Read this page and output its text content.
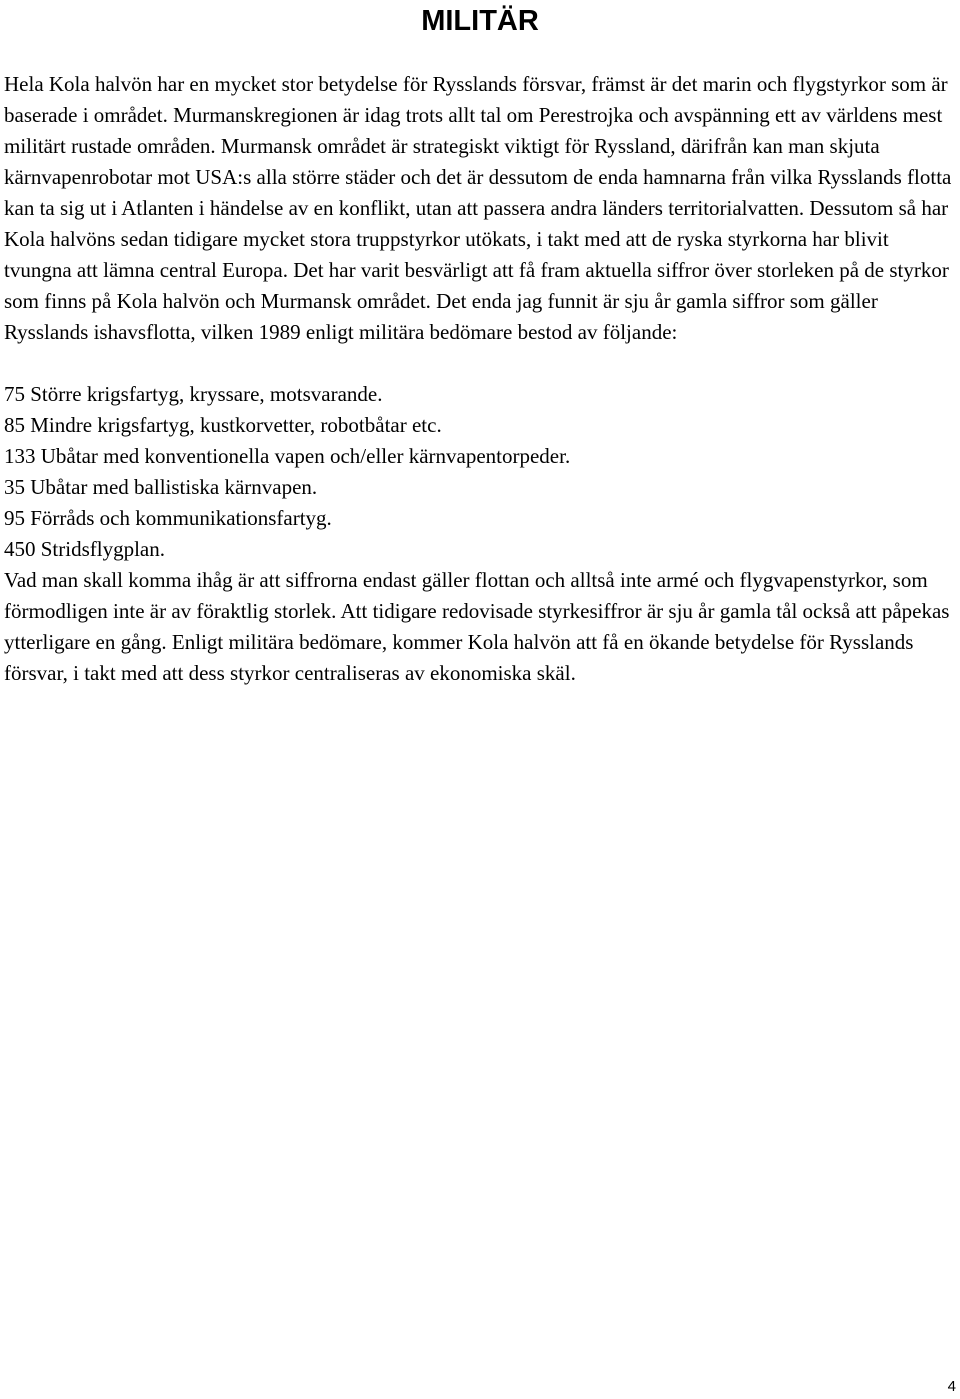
MILITÄR

Hela Kola halvön har en mycket stor betydelse för Rysslands försvar, främst är det marin och flygstyrkor som är baserade i området. Murmanskregionen är idag trots allt tal om Perestrojka och avspänning ett av världens mest militärt rustade områden. Murmansk området är strategiskt viktigt för Ryssland, därifrån kan man skjuta kärnvapenrobotar mot USA:s alla större städer och det är dessutom de enda hamnarna från vilka Rysslands flotta kan ta sig ut i Atlanten i händelse av en konflikt, utan att passera andra länders territorialvatten. Dessutom så har Kola halvöns sedan tidigare mycket stora truppstyrkor utökats, i takt med att de ryska styrkorna har blivit tvungna att lämna central Europa. Det har varit besvärligt att få fram aktuella siffror över storleken på de styrkor som finns på Kola halvön och Murmansk området. Det enda jag funnit är sju år gamla siffror som gäller Rysslands ishavsflotta, vilken 1989 enligt militära bedömare bestod av följande:

75 Större krigsfartyg, kryssare, motsvarande.
85 Mindre krigsfartyg, kustkorvetter, robotbåtar etc.
133 Ubåtar med konventionella vapen och/eller kärnvapentorpeder.
35 Ubåtar med ballistiska kärnvapen.
95 Förråds och kommunikationsfartyg.
450 Stridsflygplan.

Vad man skall komma ihåg är att siffrorna endast gäller flottan och alltså inte armé och flygvapenstyrkor, som förmodligen inte är av föraktlig storlek. Att tidigare redovisade styrkesiffror är sju år gamla tål också att påpekas ytterligare en gång. Enligt militära bedömare, kommer Kola halvön att få en ökande betydelse för Rysslands försvar, i takt med att dess styrkor centraliseras av ekonomiska skäl.

4
